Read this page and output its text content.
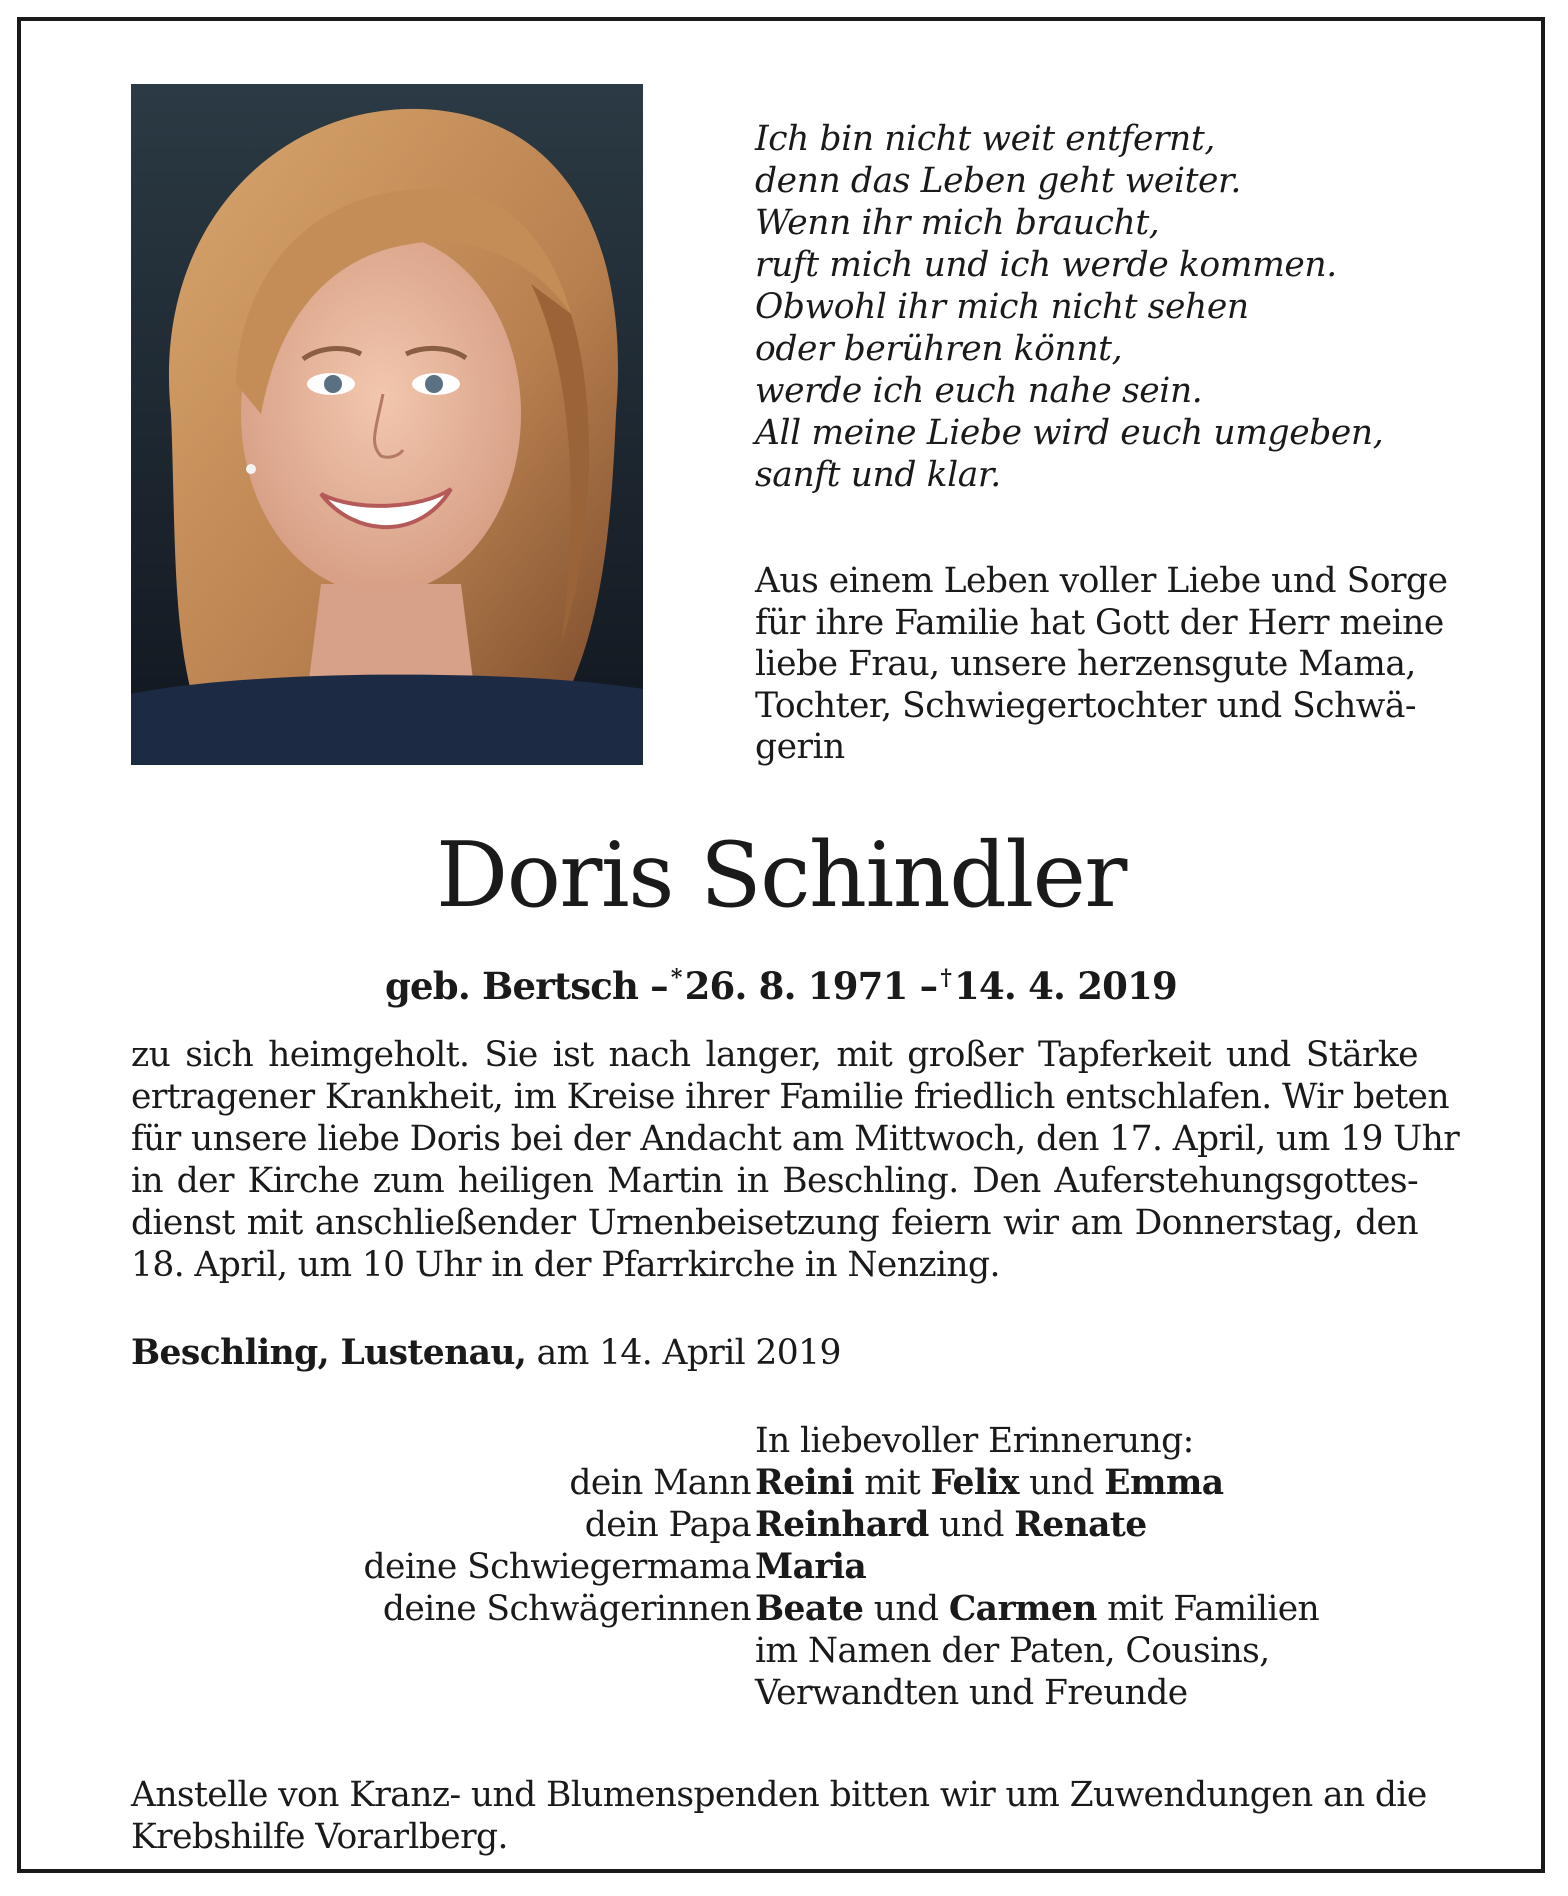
Ich bin nicht weit entfernt,
denn das Leben geht weiter.
Wenn ihr mich braucht,
ruft mich und ich werde kommen.
Obwohl ihr mich nicht sehen
oder berühren könnt,
werde ich euch nahe sein.
All meine Liebe wird euch umgeben,
sanft und klar.
Aus einem Leben voller Liebe und Sorge
für ihre Familie hat Gott der Herr meine
liebe Frau, unsere herzensgute Mama,
Tochter, Schwiegertochter und Schwä-
gerin
Doris Schindler
geb. Bertsch – *26. 8. 1971 – †14. 4. 2019
zu sich heimgeholt. Sie ist nach langer, mit großer Tapferkeit und Stärke
ertragener Krankheit, im Kreise ihrer Familie friedlich entschlafen. Wir beten
für unsere liebe Doris bei der Andacht am Mittwoch, den 17. April, um 19 Uhr
in der Kirche zum heiligen Martin in Beschling. Den Auferstehungsgottes-
dienst mit anschließender Urnenbeisetzung feiern wir am Donnerstag, den
18. April, um 10 Uhr in der Pfarrkirche in Nenzing.
Beschling, Lustenau, am 14. April 2019
In liebevoller Erinnerung:
dein Mann Reini mit Felix und Emma
dein Papa Reinhard und Renate
deine Schwiegermama Maria
deine Schwägerinnen Beate und Carmen mit Familien
im Namen der Paten, Cousins,
Verwandten und Freunde
Anstelle von Kranz- und Blumenspenden bitten wir um Zuwendungen an die
Krebshilfe Vorarlberg.
